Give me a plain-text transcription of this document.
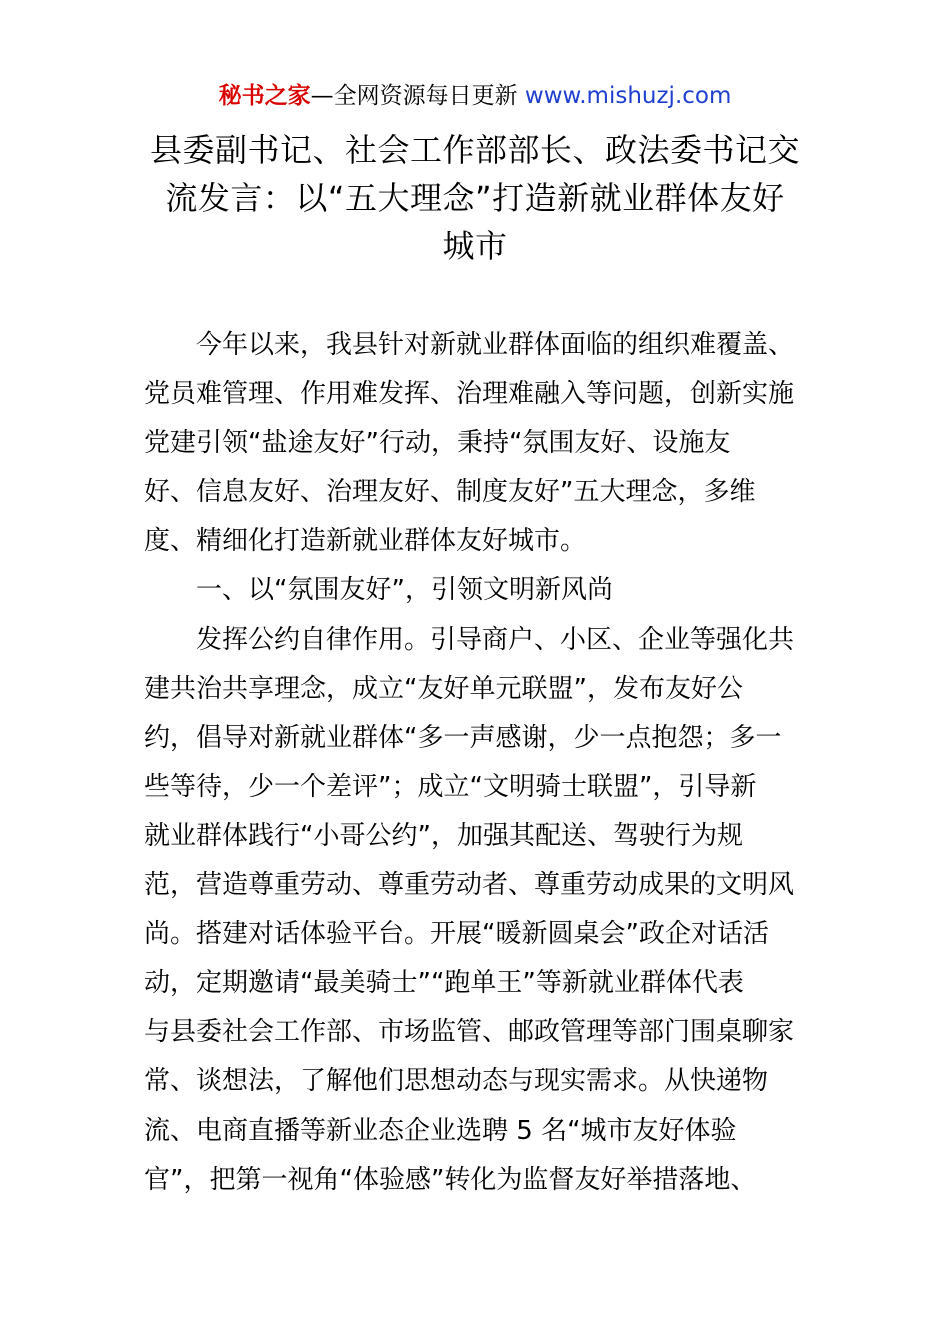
秘书之家—全网资源每日更新 www.mishuzj.com
县委副书记、社会工作部部长、政法委书记交
流发言：以“五大理念”打造新就业群体友好
城市
今年以来，我县针对新就业群体面临的组织难覆盖、
党员难管理、作用难发挥、治理难融入等问题，创新实施
党建引领“盐途友好”行动，秉持“氛围友好、设施友
好、信息友好、治理友好、制度友好”五大理念，多维
度、精细化打造新就业群体友好城市。
一、以“氛围友好”，引领文明新风尚
发挥公约自律作用。引导商户、小区、企业等强化共
建共治共享理念，成立“友好单元联盟”，发布友好公
约，倡导对新就业群体“多一声感谢，少一点抱怨；多一
些等待，少一个差评”；成立“文明骑士联盟”，引导新
就业群体践行“小哥公约”，加强其配送、驾驶行为规
范，营造尊重劳动、尊重劳动者、尊重劳动成果的文明风
尚。搭建对话体验平台。开展“暖新圆桌会”政企对话活
动，定期邀请“最美骑士”“跑单王”等新就业群体代表
与县委社会工作部、市场监管、邮政管理等部门围桌聊家
常、谈想法，了解他们思想动态与现实需求。从快递物
流、电商直播等新业态企业选聘 5 名“城市友好体验
官”，把第一视角“体验感”转化为监督友好举措落地、
